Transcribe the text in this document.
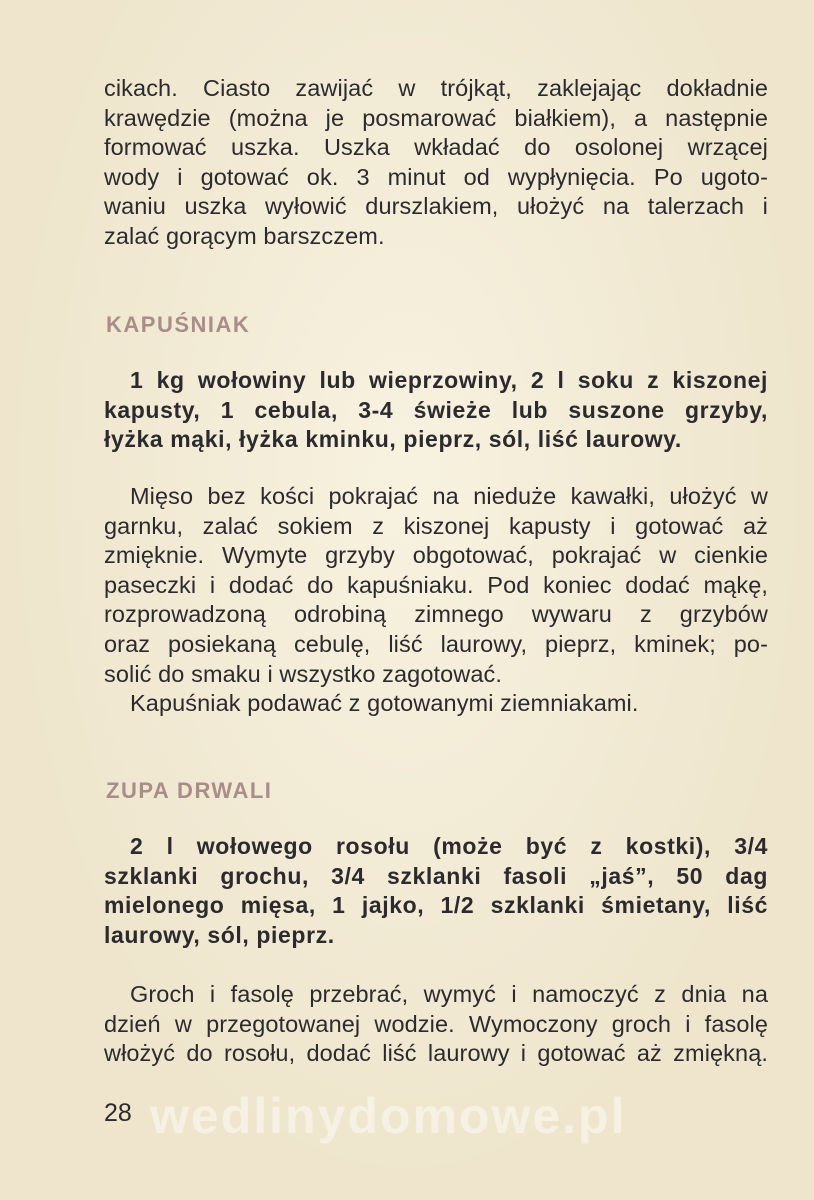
cikach. Ciasto zawijać w trójkąt, zaklejając dokładnie
krawędzie (można je posmarować białkiem), a następnie
formować uszka. Uszka wkładać do osolonej wrzącej
wody i gotować ok. 3 minut od wypłynięcia. Po ugoto-
waniu uszka wyłowić durszlakiem, ułożyć na talerzach i
zalać gorącym barszczem.
KAPUŚNIAK
1 kg wołowiny lub wieprzowiny, 2 l soku z kiszonej
kapusty, 1 cebula, 3-4 świeże lub suszone grzyby,
łyżka mąki, łyżka kminku, pieprz, sól, liść laurowy.
Mięso bez kości pokrajać na nieduże kawałki, ułożyć w
garnku, zalać sokiem z kiszonej kapusty i gotować aż
zmięknie. Wymyte grzyby obgotować, pokrajać w cienkie
paseczki i dodać do kapuśniaku. Pod koniec dodać mąkę,
rozprowadzoną odrobiną zimnego wywaru z grzybów
oraz posiekaną cebulę, liść laurowy, pieprz, kminek; po-
solić do smaku i wszystko zagotować.
Kapuśniak podawać z gotowanymi ziemniakami.
ZUPA DRWALI
2 l wołowego rosołu (może być z kostki), 3/4
szklanki grochu, 3/4 szklanki fasoli „jaś”, 50 dag
mielonego mięsa, 1 jajko, 1/2 szklanki śmietany, liść
laurowy, sól, pieprz.
Groch i fasolę przebrać, wymyć i namoczyć z dnia na
dzień w przegotowanej wodzie. Wymoczony groch i fasolę
włożyć do rosołu, dodać liść laurowy i gotować aż zmiękną.
wedlinydomowe.pl
28
